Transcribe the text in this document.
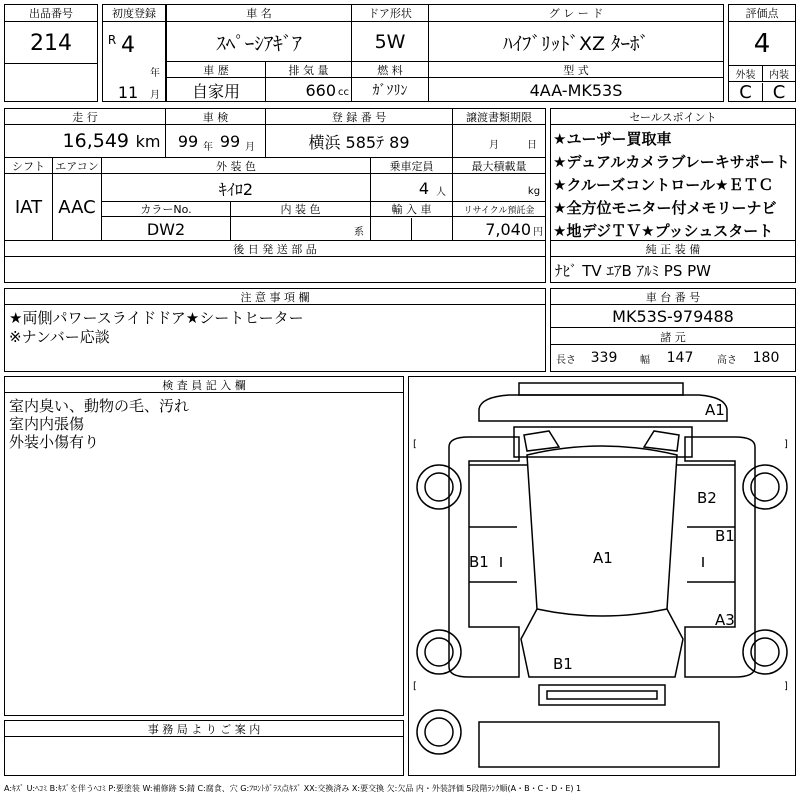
出品番号
214
初度登録
R 4
年
11	月
車 名
ｽﾍﾟｰｼｱｷﾞｱ
ドア形状
5W
グ レ ー ド
ﾊｲﾌﾞﾘｯﾄﾞXZ ﾀｰﾎﾞ
評価点
4
外装	内装
C	C
車 歴
自家用
排 気 量
660 cc
燃 料
ｶﾞｿﾘﾝ
型 式
4AA-MK53S
走 行
16,549 km
車 検
99 年 99 月
登 録 番 号
横浜 585ﾃ 89
譲渡書類期限
月	日
セールスポイント
★ユーザー買取車
★デュアルカメラブレーキサポート
★クルーズコントロール★ＥＴＣ
★全方位モニター付メモリーナビ
★地デジＴＶ★プッシュスタート
シフト
IAT
エアコン
AAC
外 装 色
ｷｲﾛ2
乗車定員
4 人
最大積載量
kg
カラーNo.
DW2
内 装 色
系
輸 入 車	リサイクル預託金
7,040 円
後 日 発 送 部 品	純 正 装 備
ﾅﾋﾞ TV ｴｱB ｱﾙﾐ PS PW
注 意 事 項 欄
★両側パワースライドドア★シートヒーター
※ナンバー応談
車 台 番 号
MK53S-979488
諸 元
長さ	339	幅	147	高さ	180
検 査 員 記 入 欄
室内臭い、動物の毛、汚れ
室内内張傷
外装小傷有り
事 務 局 よ り ご 案 内
[
[
]
]
A1
B2
B1
B1
A1
A3
B1
A:ｷｽﾞ U:ﾍｺﾐ B:ｷｽﾞを伴うﾍｺﾐ P:要塗装 W:補修跡 S:錆 C:腐食、穴 G:ﾌﾛﾝﾄｶﾞﾗｽ点ｷｽﾞ XX:交換済み X:要交換 欠:欠品 内・外装評価 5段階ﾗﾝｸ順(A・B・C・D・E) 1
